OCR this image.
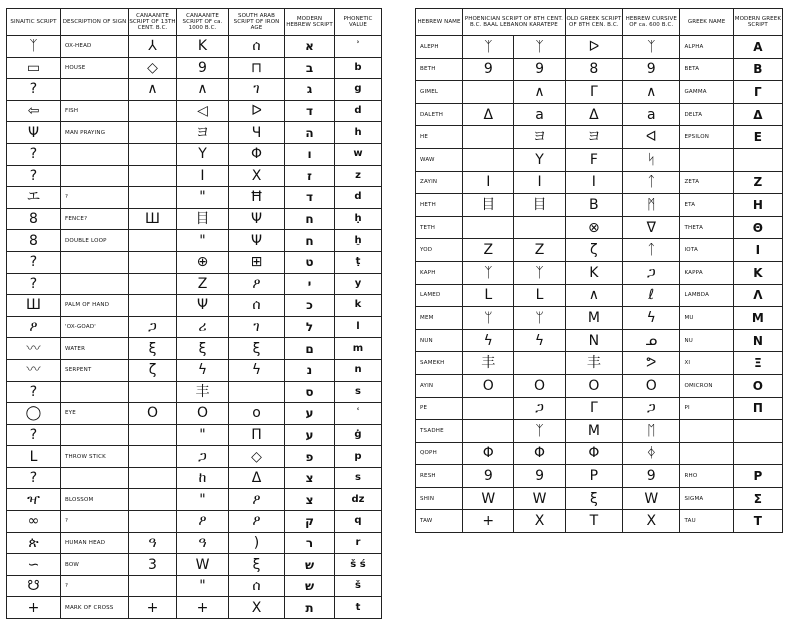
SINAITIC SCRIPT	DESCRIPTION OF SIGN	CANAANITE SCRIPT OF 13TH CENT. B.C.	CANAANITE SCRIPT OF ca. 1000 B.C.	SOUTH ARAB SCRIPT OF IRON AGE	MODERN HEBREW SCRIPT	PHONETIC VALUE
ᛉ	OX-HEAD	⅄	K	ሰ	א	ʾ
▭	HOUSE	◇	9	⊓	ב	b
?		∧	∧	ገ	ג	g
⇦	FISH		◁	ᐅ	ד	d
Ψ	MAN PRAYING		ヨ	Ч	ה	h
?			Y	Φ	ו	w
?			I	X	ז	z
エ	?		"	Ħ	ד	d
8	FENCE?	Ш	目	Ψ	ח	ḥ
8	DOUBLE LOOP		"	Ψ	ח	ḫ
?			⊕	⊞	ט	ṭ
?			Z	ዖ	י	y
Ш	PALM OF HAND		Ψ	ሰ	כ	k
ዖ	'OX-GOAD'	ጋ	ሪ	ገ	ל	l
〰	WATER	ξ	ξ	ξ	ם	m
〰	SERPENT	ζ	ϟ	ϟ	נ	n
?			丰		ס	s
◯	EYE	O	O	o	ע	ʿ
?			"	Π	ע	ġ
ᒪ	THROW STICK		ጋ	◇	פ	p
?			ከ	ᐃ	צ	s
ዣ	BLOSSOM		"	ዖ	צ	dz
∞	?		ዖ	ዖ	ק	q
ጵ	HUMAN HEAD	ዓ	ዓ	)	ר	r
∽	BOW	3	W	ξ	ש	š ś
☋	?		"	ሰ	ש	š
+	MARK OF CROSS	+	+	X	ת	t
HEBREW NAME	PHOENICIAN SCRIPT OF 8TH CENT. B.C. BAAL LEBANON KARATEPE		OLD GREEK SCRIPT OF 8TH CEN. B.C.	HEBREW CURSIVE OF ca. 600 B.C.	GREEK NAME	MODERN GREEK SCRIPT	
ALEPH	ᛉ	ᛉ	ᐅ	ᛉ	ALPHA	A	
BETH	9	9	8	9	BETA	B	
GIMEL		∧	Γ	∧	GAMMA	Γ	
DALETH	Δ	a	Δ	a	DELTA	Δ	
HE		ヨ	ヨ	ᐊ	EPSILON	E	
WAW		Y	F	ᛋ			
ZAYIN	I	I	I	ᛏ	ZETA	Z	
HETH	目	目	B	ᛗ	ETA	H	
TETH			⊗	ᐁ	THETA	Θ	
YOD	Z	Z	ζ	ᛏ	IOTA	I	
KAPH	ᛉ	ᛉ	K	ጋ	KAPPA	K	
LAMED	L	L	∧	ℓ	LAMBDA	Λ	
MEM	ᛘ	ᛘ	M	ϟ	MU	M	
NUN	ϟ	ϟ	N	ᓄ	NU	N	
SAMEKH	丰		丰	ᕗ	XI	Ξ	
AYIN	O	O	O	O	OMICRON	O	
PE		ጋ	Γ	ጋ	PI	Π	
TSADHE		ᛉ	M	ᛖ			
QOPH	Φ	Φ	Φ	ᛄ			
RESH	9	9	P	9	RHO	P	
SHIN	W	W	ξ	W	SIGMA	Σ	
TAW	+	X	T	X	TAU	T	
